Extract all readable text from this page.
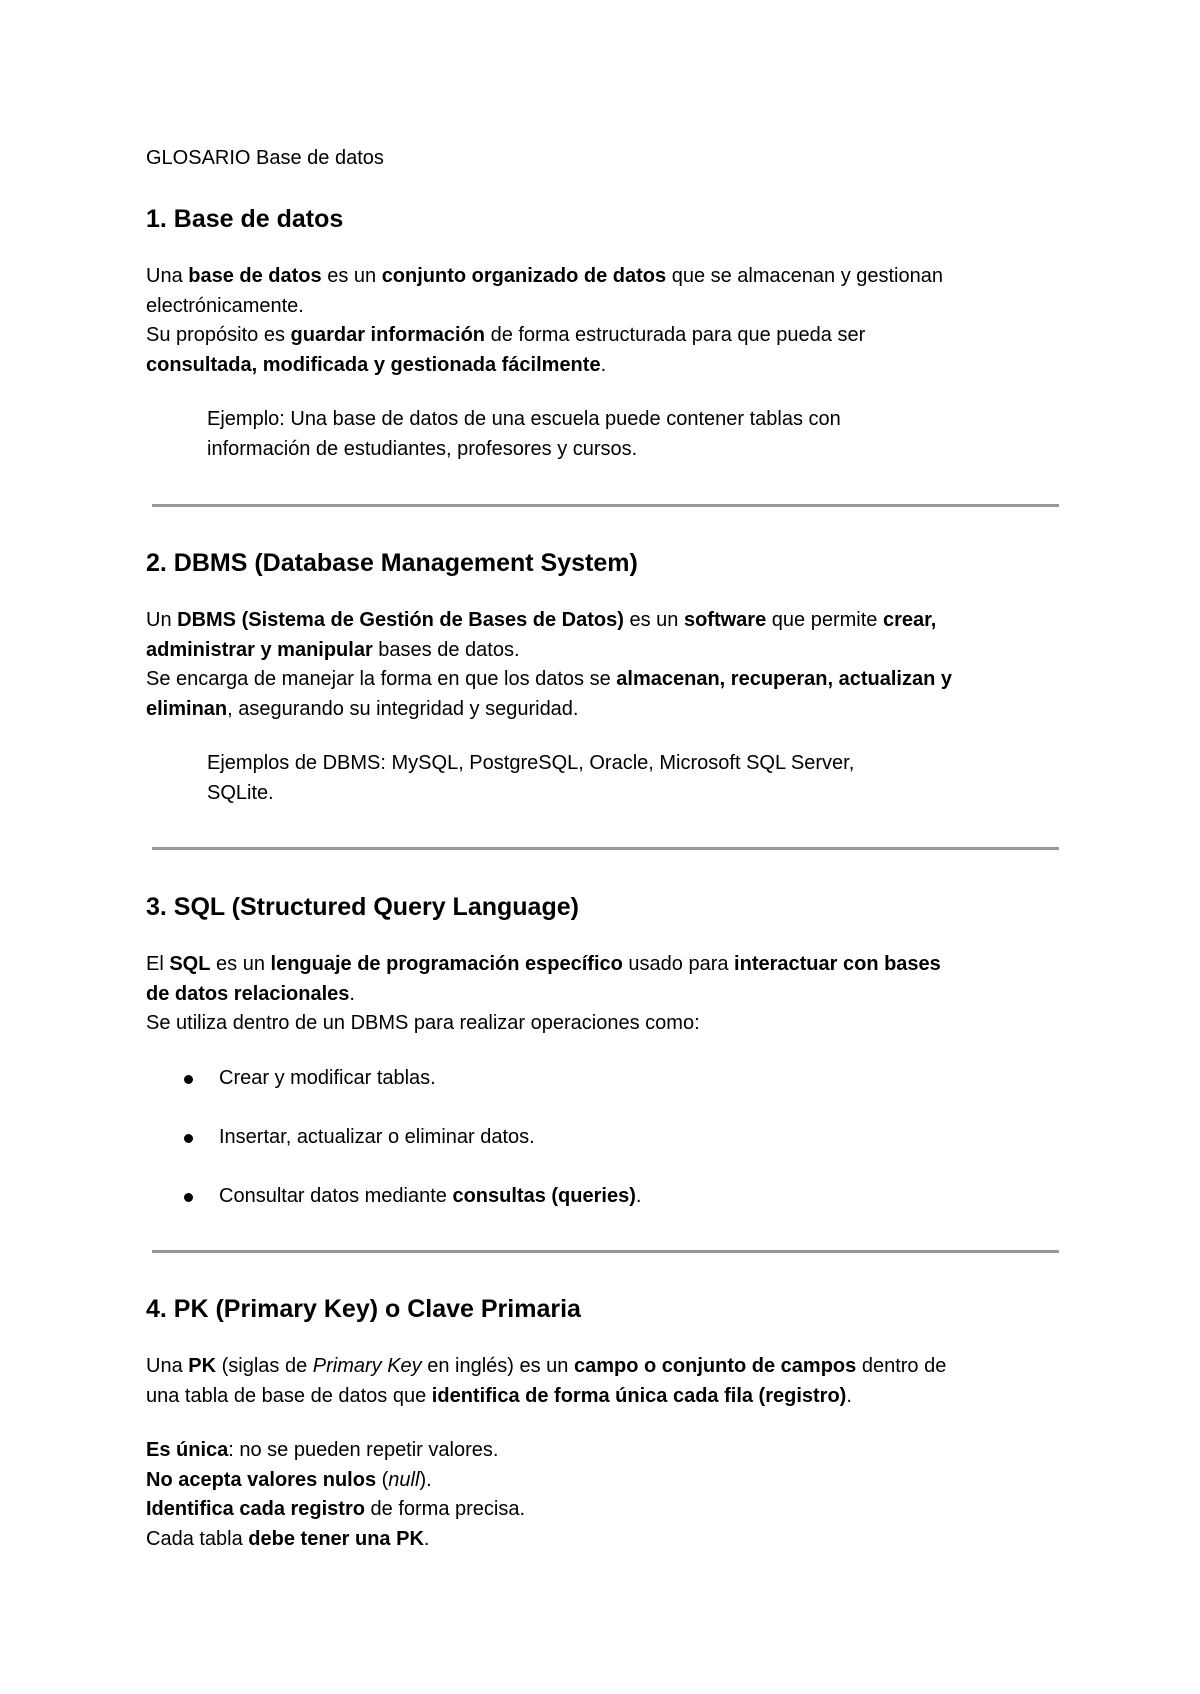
GLOSARIO Base de datos
1. Base de datos
Una base de datos es un conjunto organizado de datos que se almacenan y gestionan
electrónicamente.
Su propósito es guardar información de forma estructurada para que pueda ser
consultada, modificada y gestionada fácilmente.
Ejemplo: Una base de datos de una escuela puede contener tablas con
información de estudiantes, profesores y cursos.
2. DBMS (Database Management System)
Un DBMS (Sistema de Gestión de Bases de Datos) es un software que permite crear,
administrar y manipular bases de datos.
Se encarga de manejar la forma en que los datos se almacenan, recuperan, actualizan y
eliminan, asegurando su integridad y seguridad.
Ejemplos de DBMS: MySQL, PostgreSQL, Oracle, Microsoft SQL Server,
SQLite.
3. SQL (Structured Query Language)
El SQL es un lenguaje de programación específico usado para interactuar con bases
de datos relacionales.
Se utiliza dentro de un DBMS para realizar operaciones como:
Crear y modificar tablas.
Insertar, actualizar o eliminar datos.
Consultar datos mediante consultas (queries).
4. PK (Primary Key) o Clave Primaria
Una PK (siglas de Primary Key en inglés) es un campo o conjunto de campos dentro de
una tabla de base de datos que identifica de forma única cada fila (registro).
Es única: no se pueden repetir valores.
No acepta valores nulos (null).
Identifica cada registro de forma precisa.
Cada tabla debe tener una PK.
